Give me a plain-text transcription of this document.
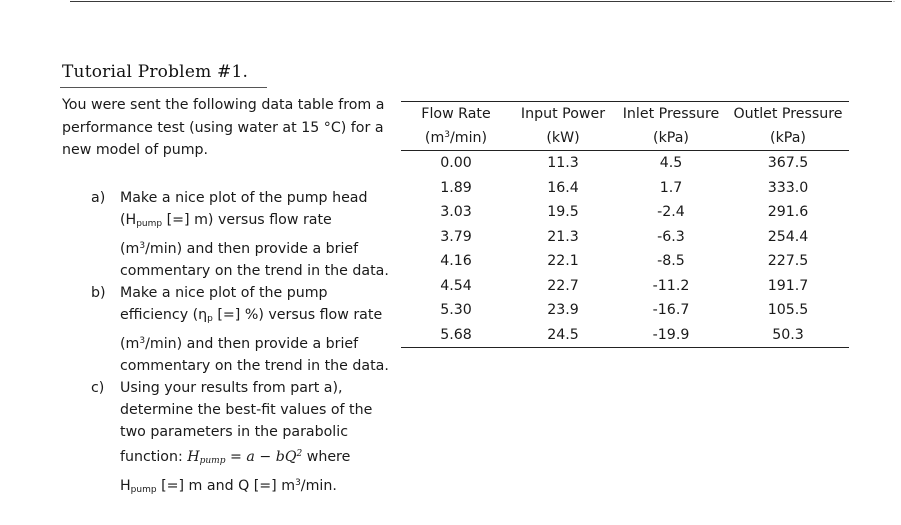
Tutorial Problem #1.
You were sent the following data table from a performance test (using water at 15 °C) for a new model of pump.
a) Make a nice plot of the pump head ($H_{pump}$ [=] m) versus flow rate $(m^3/\min)$ and then provide a brief commentary on the trend in the data.
b) Make a nice plot of the pump efficiency ($\eta_p$ [=] %) versus flow rate $(m^3/\min)$ and then provide a brief commentary on the trend in the data.
c) Using your results from part a), determine the best-fit values of the two parameters in the parabolic function: $H_{pump} = a - bQ^2$ where $H_{pump}$ [=] m and Q [=] $m^3/\min$.
Flow Rate	Input Power	Inlet Pressure	Outlet Pressure
$(m^3/\min)$	(kW)	(kPa)	(kPa)
0.00	11.3	4.5	367.5
1.89	16.4	1.7	333.0
3.03	19.5	-2.4	291.6
3.79	21.3	-6.3	254.4
4.16	22.1	-8.5	227.5
4.54	22.7	-11.2	191.7
5.30	23.9	-16.7	105.5
5.68	24.5	-19.9	50.3
